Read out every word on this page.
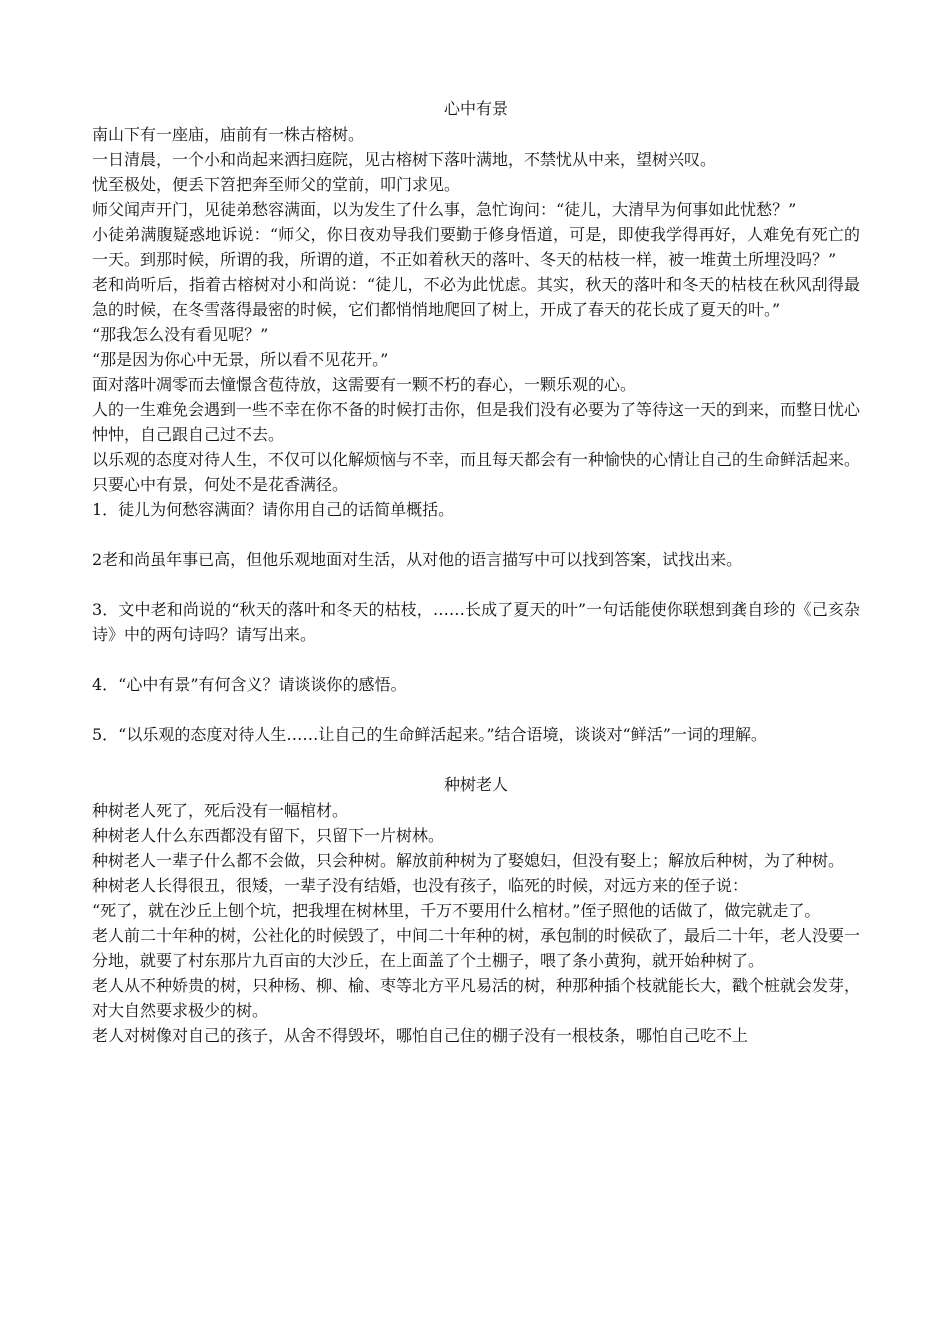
心中有景
南山下有一座庙，庙前有一株古榕树。
一日清晨，一个小和尚起来洒扫庭院，见古榕树下落叶满地，不禁忧从中来，望树兴叹。
忧至极处，便丢下笤把奔至师父的堂前，叩门求见。
师父闻声开门，见徒弟愁容满面，以为发生了什么事，急忙询问：“徒儿，大清早为何事如此忧愁？”
小徒弟满腹疑惑地诉说：“师父，你日夜劝导我们要勤于修身悟道，可是，即使我学得再好，人难免有死亡的一天。到那时候，所谓的我，所谓的道，不正如着秋天的落叶、冬天的枯枝一样，被一堆黄土所埋没吗？”
老和尚听后，指着古榕树对小和尚说：“徒儿，不必为此忧虑。其实，秋天的落叶和冬天的枯枝在秋风刮得最急的时候，在冬雪落得最密的时候，它们都悄悄地爬回了树上，开成了春天的花长成了夏天的叶。”
“那我怎么没有看见呢？”
“那是因为你心中无景，所以看不见花开。”
面对落叶凋零而去憧憬含苞待放，这需要有一颗不朽的春心，一颗乐观的心。
人的一生难免会遇到一些不幸在你不备的时候打击你，但是我们没有必要为了等待这一天的到来，而整日忧心忡忡，自己跟自己过不去。
以乐观的态度对待人生，不仅可以化解烦恼与不幸，而且每天都会有一种愉快的心情让自己的生命鲜活起来。
只要心中有景，何处不是花香满径。
1．徒儿为何愁容满面？请你用自己的话简单概括。
2老和尚虽年事已高，但他乐观地面对生活，从对他的语言描写中可以找到答案，试找出来。
3．文中老和尚说的“秋天的落叶和冬天的枯枝，……长成了夏天的叶”一句话能使你联想到龚自珍的《己亥杂诗》中的两句诗吗？请写出来。
4．“心中有景”有何含义？请谈谈你的感悟。
5．“以乐观的态度对待人生……让自己的生命鲜活起来。”结合语境，谈谈对“鲜活”一词的理解。
种树老人
种树老人死了，死后没有一幅棺材。
种树老人什么东西都没有留下，只留下一片树林。
种树老人一辈子什么都不会做，只会种树。解放前种树为了娶媳妇，但没有娶上；解放后种树，为了种树。
种树老人长得很丑，很矮，一辈子没有结婚，也没有孩子，临死的时候，对远方来的侄子说：
“死了，就在沙丘上刨个坑，把我埋在树林里，千万不要用什么棺材。”侄子照他的话做了，做完就走了。
老人前二十年种的树，公社化的时候毁了，中间二十年种的树，承包制的时候砍了，最后二十年，老人没要一分地，就要了村东那片九百亩的大沙丘，在上面盖了个土棚子，喂了条小黄狗，就开始种树了。
老人从不种娇贵的树，只种杨、柳、榆、枣等北方平凡易活的树，种那种插个枝就能长大，戳个桩就会发芽，对大自然要求极少的树。
老人对树像对自己的孩子，从舍不得毁坏，哪怕自己住的棚子没有一根枝条，哪怕自己吃不上
